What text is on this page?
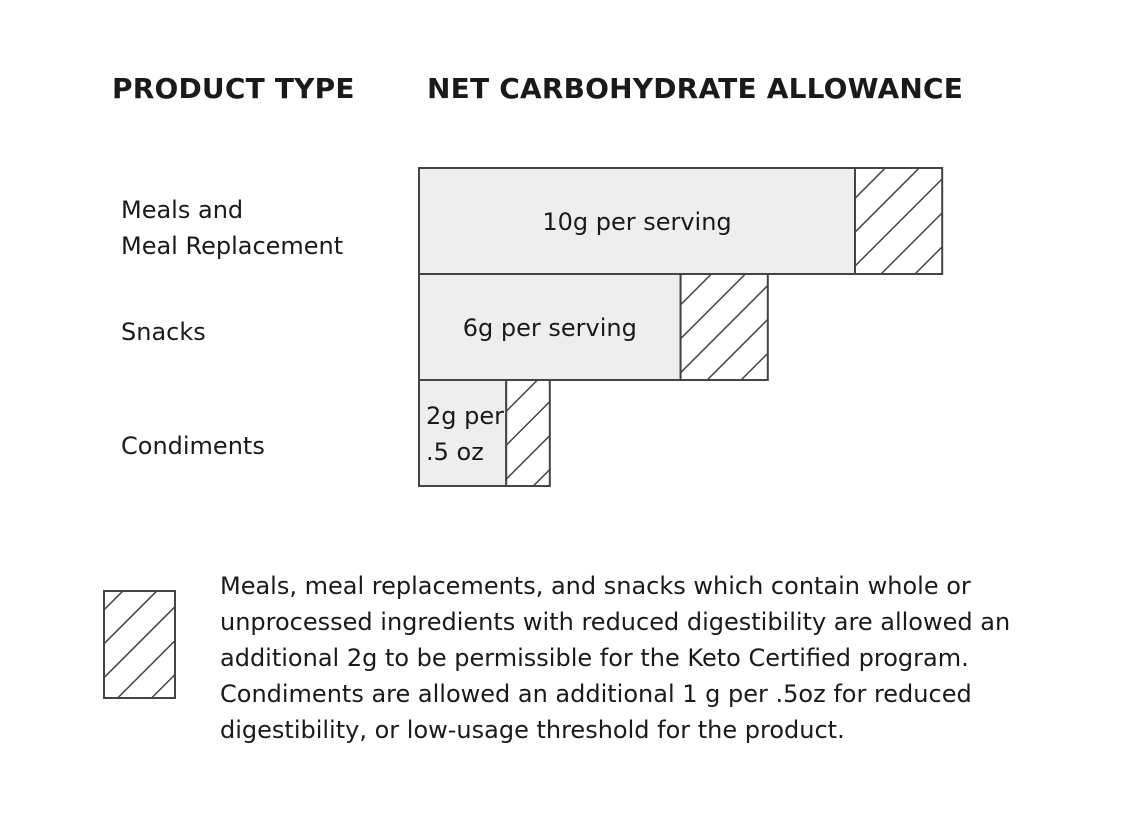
PRODUCT TYPE	NET CARBOHYDRATE ALLOWANCE
Meals and
Meal Replacement
Snacks
Condiments
10g per serving
6g per serving
2g per
.5 oz
Meals, meal replacements, and snacks which contain whole or
unprocessed ingredients with reduced digestibility are allowed an
additional 2g to be permissible for the Keto Certified program.
Condiments are allowed an additional 1 g per .5oz for reduced
digestibility, or low-usage threshold for the product.
